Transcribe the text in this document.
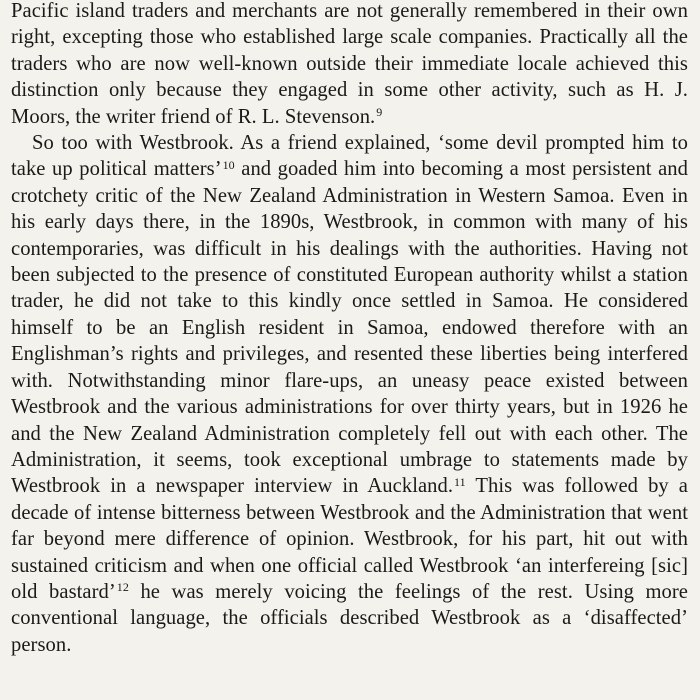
Pacific island traders and merchants are not generally remembered in their own right, excepting those who established large scale companies. Practically all the traders who are now well-known outside their immediate locale achieved this distinction only because they engaged in some other activity, such as H. J. Moors, the writer friend of R. L. Stevenson.$^9$

So too with Westbrook. As a friend explained, ‘some devil prompted him to take up political matters’$^{10}$ and goaded him into becoming a most persistent and crotchety critic of the New Zealand Administration in Western Samoa. Even in his early days there, in the 1890s, Westbrook, in common with many of his contemporaries, was difficult in his dealings with the authorities. Having not been subjected to the presence of constituted European authority whilst a station trader, he did not take to this kindly once settled in Samoa. He considered himself to be an English resident in Samoa, endowed therefore with an Englishman’s rights and privileges, and resented these liberties being interfered with. Notwithstanding minor flare-ups, an uneasy peace existed between Westbrook and the various administrations for over thirty years, but in 1926 he and the New Zealand Administration completely fell out with each other. The Administration, it seems, took exceptional umbrage to statements made by Westbrook in a newspaper interview in Auckland.$^{11}$ This was followed by a decade of intense bitterness between Westbrook and the Administration that went far beyond mere difference of opinion. Westbrook, for his part, hit out with sustained criticism and when one official called Westbrook ‘an interfereing [sic] old bastard’$^{12}$ he was merely voicing the feelings of the rest. Using more conventional language, the officials described Westbrook as a ‘disaffected’ person.
